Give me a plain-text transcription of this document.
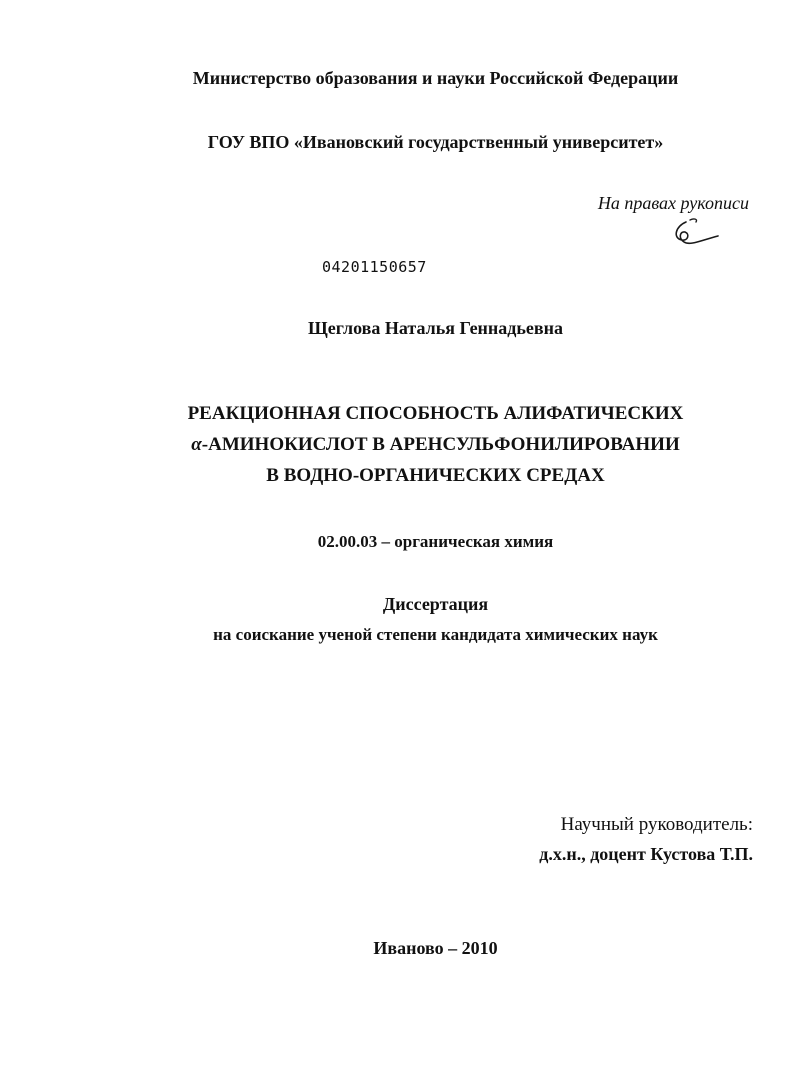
Министерство образования и науки Российской Федерации
ГОУ ВПО «Ивановский государственный университет»
На правах рукописи
04201150657
Щеглова Наталья Геннадьевна
РЕАКЦИОННАЯ СПОСОБНОСТЬ АЛИФАТИЧЕСКИХ
α-АМИНОКИСЛОТ В АРЕНСУЛЬФОНИЛИРОВАНИИ
В ВОДНО-ОРГАНИЧЕСКИХ СРЕДАХ
02.00.03 – органическая химия
Диссертация
на соискание ученой степени кандидата химических наук
Научный руководитель:
д.х.н., доцент Кустова Т.П.
Иваново – 2010
